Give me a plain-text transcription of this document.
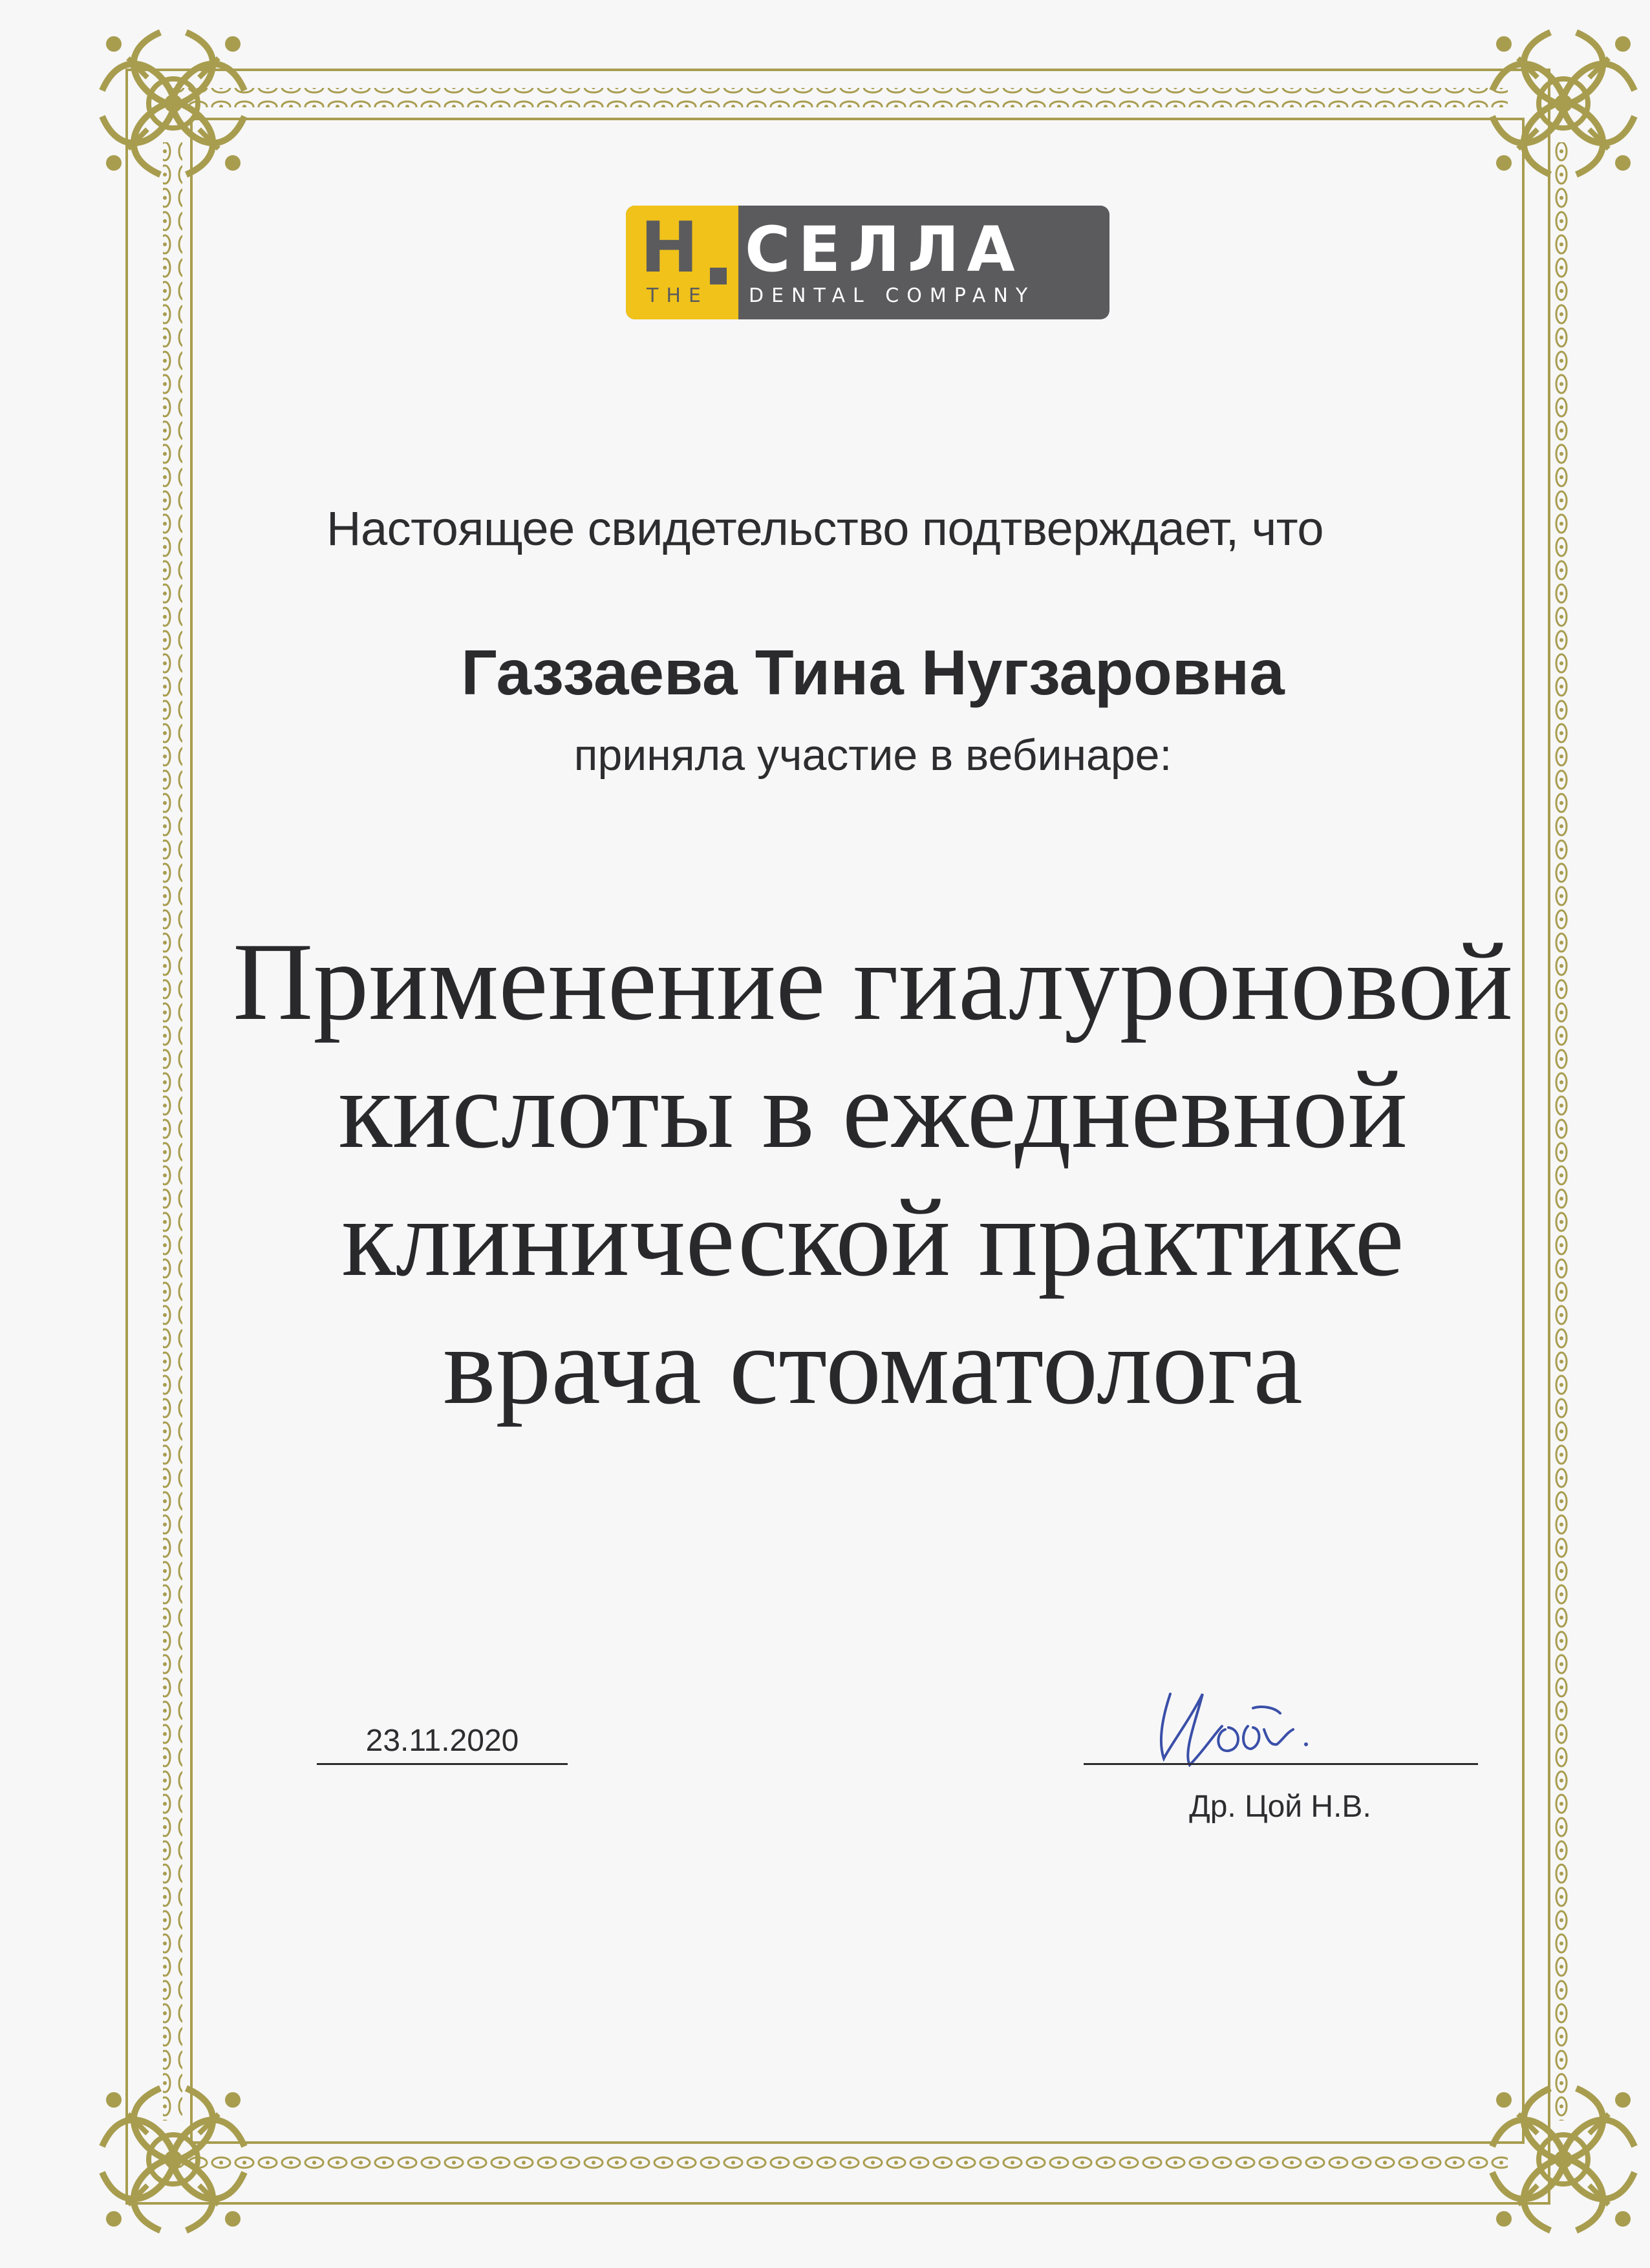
Н СЕЛЛА
THE DENTAL COMPANY
Настоящее свидетельство подтверждает, что
Газзаева Тина Нугзаровна
приняла участие в вебинаре:
Применение гиалуроновой
кислоты в ежедневной
клинической практике
врача стоматолога
23.11.2020
Др. Цой Н.В.
